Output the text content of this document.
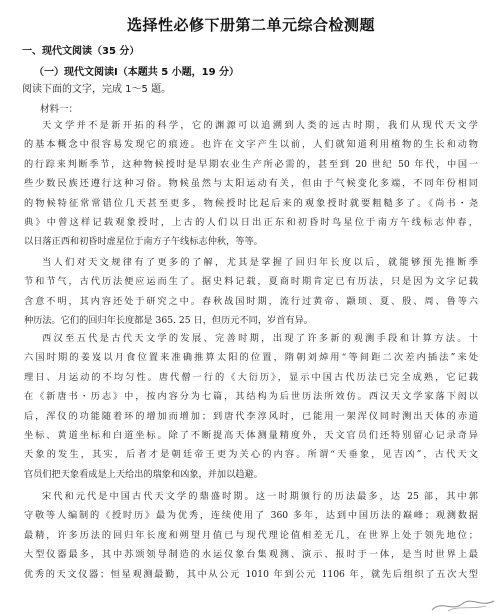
选择性必修下册第二单元综合检测题
一、现代文阅读（35 分）
（一）现代文阅读Ⅰ（本题共 5 小题，19 分）
阅读下面的文字，完成 1～5 题。
材料一：
天文学并不是新开拓的科学，它的渊源可以追溯到人类的远古时期，我们从现代天文学
的基本概念中很容易发现它的痕迹。也许在文字产生以前，人们就知道利用植物的生长和动物
的行踪来判断季节，这种物候授时是早期农业生产所必需的，甚至到 20 世纪 50 年代，中国一
些少数民族还遵行这种习俗。物候虽然与太阳运动有关，但由于气候变化多端，不同年份相同
的物候特征常常错位几天甚至更多，物候授时比起后来的观象授时就要粗糙多了。《尚书・尧
典》中曾这样记载观象授时，上古的人们以日出正东和初昏时鸟星位于南方午线标志仲春，
以日落正西和初昏时虚星位于南方子午线标志仲秋，等等。
当人们对天文规律有了更多的了解，尤其是掌握了回归年长度以后，就能够预先推断季
节和节气，古代历法便应运而生了。据史料记载，夏商时期肯定已有历法，只是因为文字记载
含意不明，其内容还处于研究之中。春秋战国时期，流行过黄帝、颛顼、夏、殷、周、鲁等六
种历法。它们的回归年长度都是 365. 25 日，但历元不同，岁首有异。
西汉至五代是古代天文学的发展、完善时期，出现了许多新的观测手段和计算方法。十
六国时期的姜岌以月食位置来准确推算太阳的位置，隋朝刘焯用“等间距二次差内插法”来处
理日、月运动的不均匀性。唐代僧一行的《大衍历》，显示中国古代历法已完全成熟，它记载
在《新唐书・历志》中，按内容分为七篇，其结构为后世历法所效仿。西汉天文学家落下闳以
后，浑仪的功能随着环的增加而增加；到唐代李淳风时，已能用一架浑仪同时测出天体的赤道
坐标、黄道坐标和白道坐标。除了不断提高天体测量精度外，天文官员们还特别留心记录奇异
天象的发生，其实，后者才是朝廷帝王更为关心的内容。所谓“天垂象，见吉凶”，古代天文
官员们把天象看成是上天给出的瑞象和凶象，并加以趋避。
宋代和元代是中国古代天文学的鼎盛时期。这一时期颁行的历法最多，达 25 部，其中郭
守敬等人编制的《授时历》最为优秀，连续使用了 360 多年，达到中国历法的巅峰；观测数据
最精，许多历法的回归年长度和朔望月值已与现代理论值相差无几，在世界上处于领先地位；
大型仪器最多，其中苏颂领导制造的水运仪象台集观测、演示、报时于一体，是当时世界上最
优秀的天文仪器；恒星观测最勤，其中从公元 1010 年到公元 1106 年，就先后组织了五次大型
